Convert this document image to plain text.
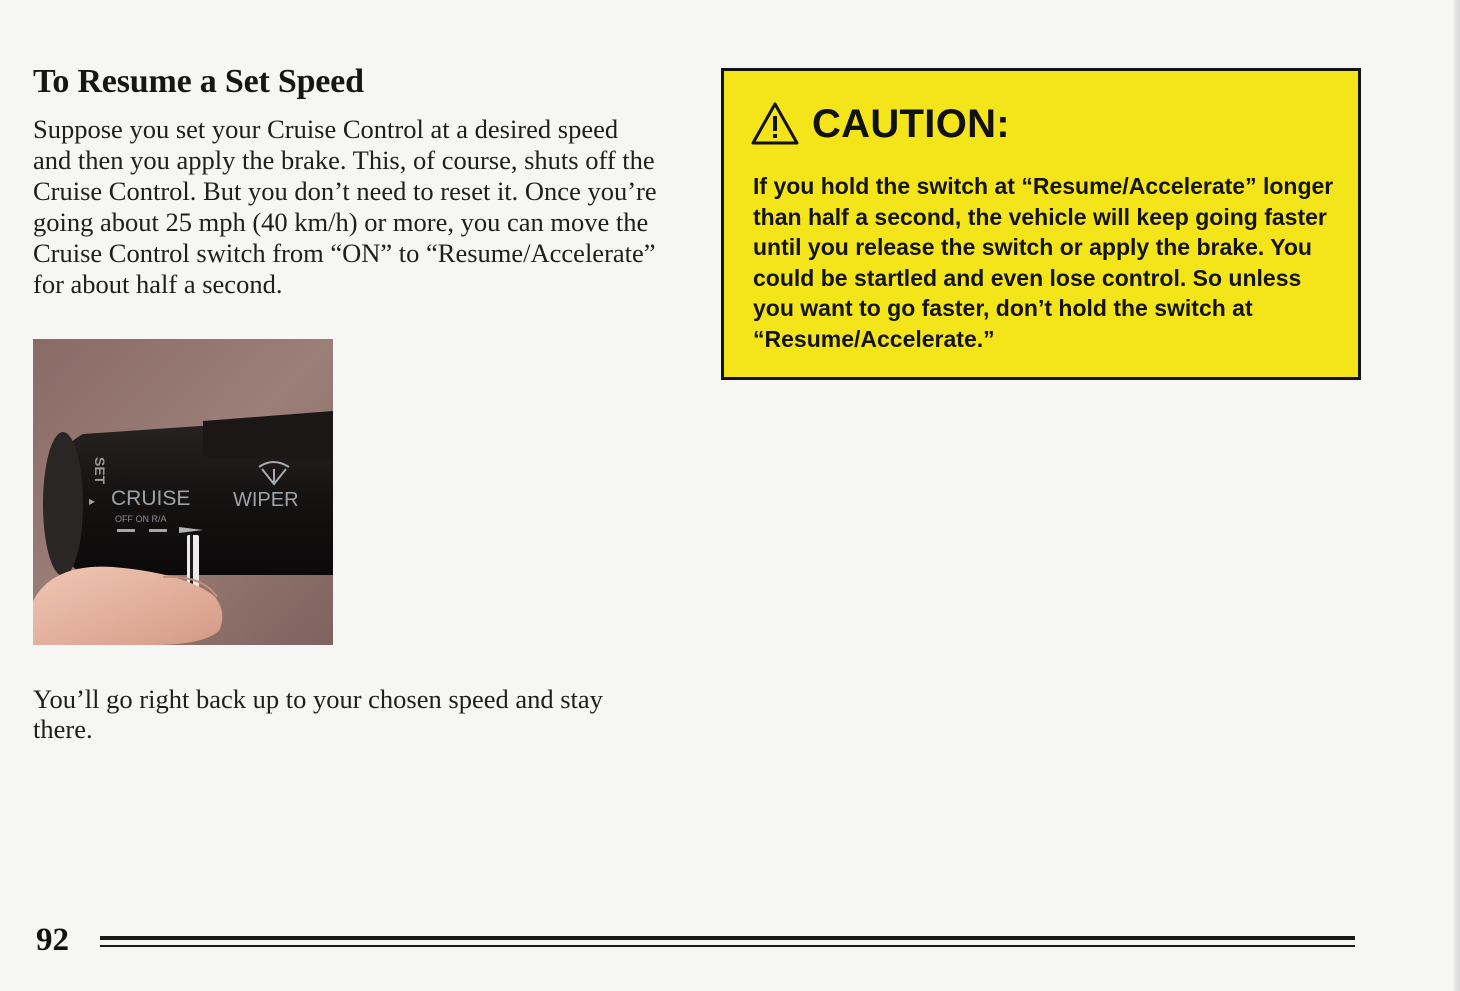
To Resume a Set Speed

Suppose you set your Cruise Control at a desired speed and then you apply the brake. This, of course, shuts off the Cruise Control. But you don’t need to reset it. Once you’re going about 25 mph (40 km/h) or more, you can move the Cruise Control switch from “ON” to “Resume/Accelerate” for about half a second.

SET
▸ CRUISE
OFF ON R/A
WIPER

You’ll go right back up to your chosen speed and stay there.

CAUTION:

If you hold the switch at “Resume/Accelerate” longer than half a second, the vehicle will keep going faster until you release the switch or apply the brake. You could be startled and even lose control. So unless you want to go faster, don’t hold the switch at “Resume/Accelerate.”

92
